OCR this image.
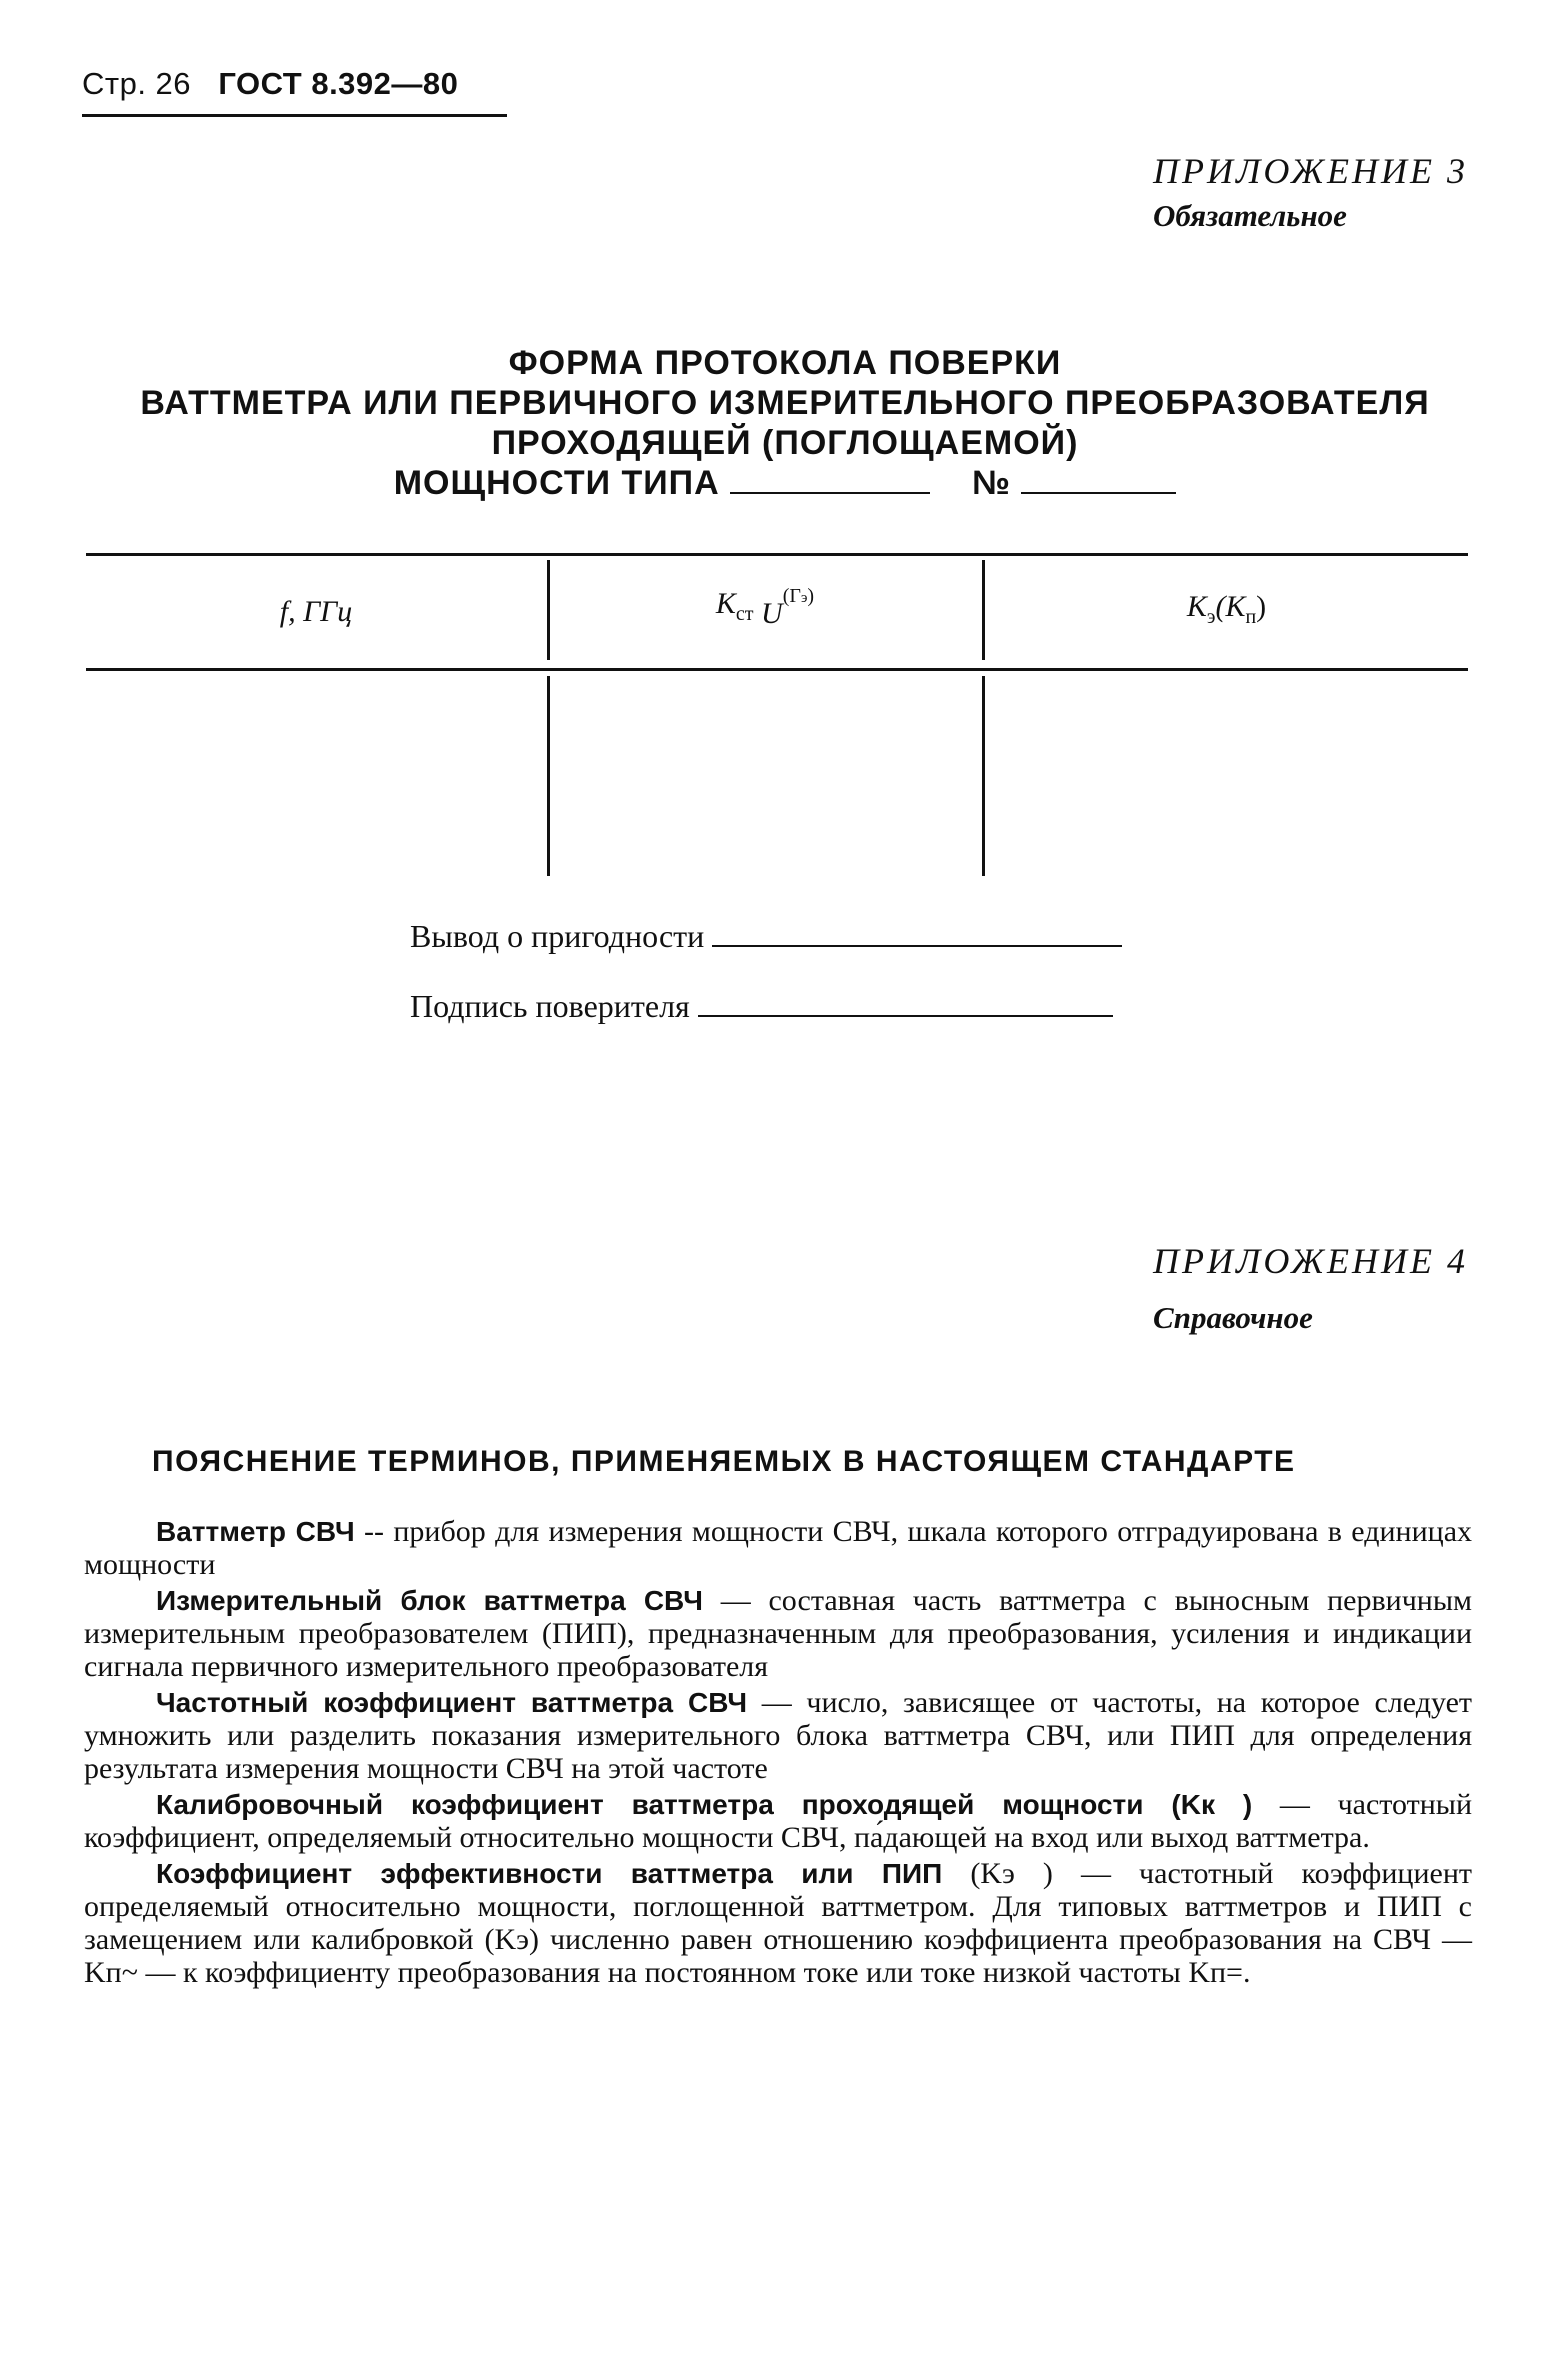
Стр. 26 ГОСТ 8.392—80
ПРИЛОЖЕНИЕ 3
Обязательное
ФОРМА ПРОТОКОЛА ПОВЕРКИ
ВАТТМЕТРА ИЛИ ПЕРВИЧНОГО ИЗМЕРИТЕЛЬНОГО ПРЕОБРАЗОВАТЕЛЯ
ПРОХОДЯЩЕЙ (ПОГЛОЩАЕМОЙ)
МОЩНОСТИ ТИПА	№
f, ГГц	$K_{ст}$ $U^{(Гэ)}$	$K_э(K_п)$
Вывод о пригодности
Подпись поверителя
ПРИЛОЖЕНИЕ 4
Справочное
ПОЯСНЕНИЕ ТЕРМИНОВ, ПРИМЕНЯЕМЫХ В НАСТОЯЩЕМ СТАНДАРТЕ

Ваттметр СВЧ -- прибор для измерения мощности СВЧ, шкала которого отградуирована в единицах мощности

Измерительный блок ваттметра СВЧ — составная часть ваттметра с выносным первичным измерительным преобразователем (ПИП), предназначенным для преобразования, усиления и индикации сигнала первичного измерительного преобразователя

Частотный коэффициент ваттметра СВЧ — число, зависящее от частоты, на которое следует умножить или разделить показания измерительного блока ваттметра СВЧ, или ПИП для определения результата измерения мощности СВЧ на этой частоте

Калибровочный коэффициент ваттметра проходящей мощности (Kк ) — частотный коэффициент, определяемый относительно мощности СВЧ, па́дающей на вход или выход ваттметра.

Коэффициент эффективности ваттметра или ПИП (Kэ ) — частотный коэффициент определяемый относительно мощности, поглощенной ваттметром. Для типовых ваттметров и ПИП с замещением или калибровкой (Kэ) численно равен отношению коэффициента преобразования на СВЧ — Kп~ — к коэффициенту преобразования на постоянном токе или токе низкой частоты Kп=.
